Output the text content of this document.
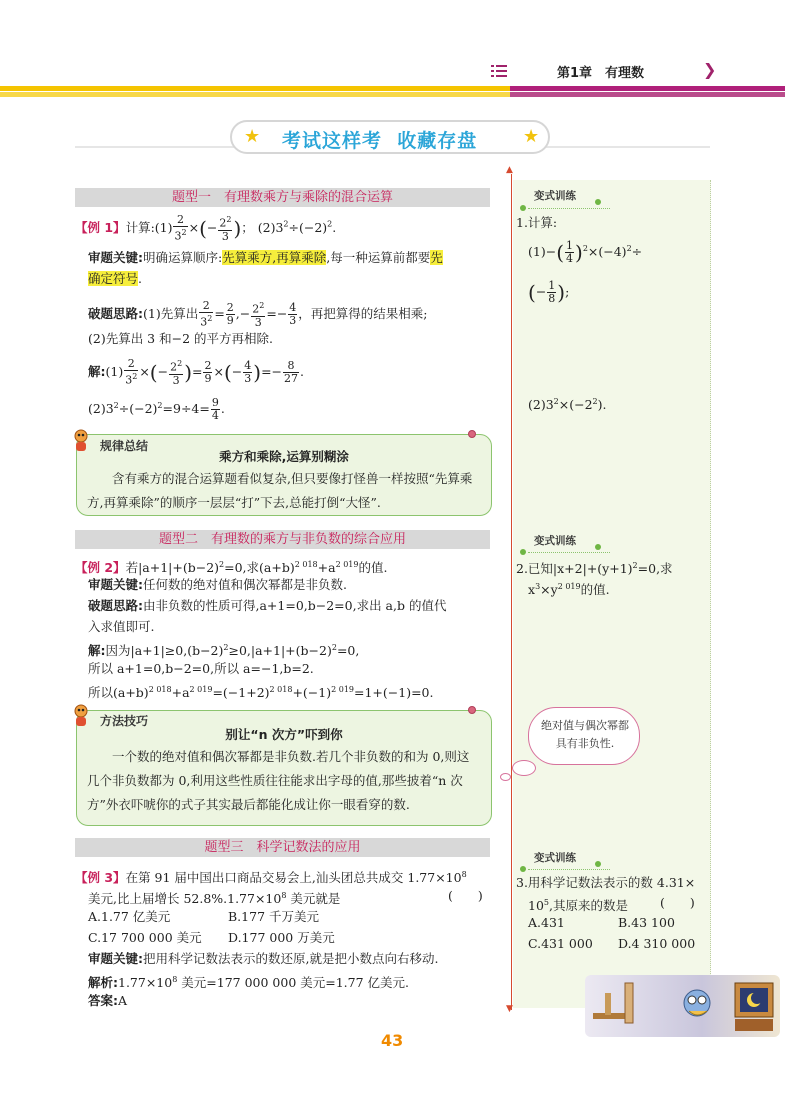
第1章　有理数	❯
★	★
考试这样考  收藏存盘
题型一　有理数乘方与乘除的混合运算
【例 1】计算:(1) $\frac{2}{3^2}$ ×(− $\frac{2^2}{3}$ )； $(2)3^2\div(-2)^2$.
审题关键:明确运算顺序:先算乘方,再算乘除,每一种运算前都要先
确定符号.
破题思路:(1)先算出 $\frac{2}{3^2} = \frac{2}{9}$ ,− $\frac{2^2}{3} =- \frac{4}{3}$ ，再把算得的结果相乘;
(2)先算出 3 和−2 的平方再相除.
解:(1) $\frac{2}{3^2}$ ×(− $\frac{2^2}{3}$ )= $\frac{2}{9}$ ×(− $\frac{4}{3}$ )=− $\frac{8}{27}$ .
$(2)3^2\div(-2)^2=9\div 4= \frac{9}{4}$ .
乘方和乘除,运算别糊涂
含有乘方的混合运算题看似复杂,但只要像打怪兽一样按照“先算乘方,再算乘除”的顺序一层层“打”下去,总能打倒“大怪”.
规律总结
题型二　有理数的乘方与非负数的综合应用
【例 2】若$|a+1|+(b-2)^2=0$,求$(a+b)^{2 018}+a^{2 019}$的值.
审题关键:任何数的绝对值和偶次幂都是非负数.
破题思路:由非负数的性质可得,a+1=0,b−2=0,求出 a,b 的值代
入求值即可.
解:因为$|a+1|\ge 0,(b-2)^2\ge 0,|a+1|+(b-2)^2=0$,
所以 a+1=0,b−2=0,所以 a=−1,b=2.
所以$(a+b)^{2 018}+a^{2 019}=(-1+2)^{2 018}+(-1)^{2 019}=1+(-1)=0$.
别让“n 次方”吓到你
一个数的绝对值和偶次幂都是非负数.若几个非负数的和为 0,则这几个非负数都为 0,利用这些性质往往能求出字母的值,那些披着“n 次方”外衣吓唬你的式子其实最后都能化成让你一眼看穿的数.
方法技巧
题型三　科学记数法的应用
【例 3】在第 91 届中国出口商品交易会上,汕头团总共成交 $1.77\times 10^8$
美元,比上届增长 $52.8\%.1.77\times 10^8$ 美元就是	(　　)
A.1.77 亿美元	B.177 千万美元
C.17 700 000 美元 D.177 000 万美元
审题关键:把用科学记数法表示的数还原,就是把小数点向右移动.
解析$:1.77\times 10^8$ 美元=177 000 000 美元=1.77 亿美元.
答案:A
▲
▼
变式训练
1.计算:
$(1)-( \frac{1}{4} )^2\times(-4)^2\div$
(− $\frac{1}{8}$ );
$(2)3^2\times(-2^2)$.
变式训练
2.已知$|x+2|+(y+1)^2=0$,求
$x^3\times y^{2 019}$的值.
绝对值与偶次幂都具有非负性.
变式训练
3.用科学记数法表示的数 4.31×
$10^5$,其原来的数是	(　　)
A.431	B.43 100
C.431 000 D.4 310 000
43
